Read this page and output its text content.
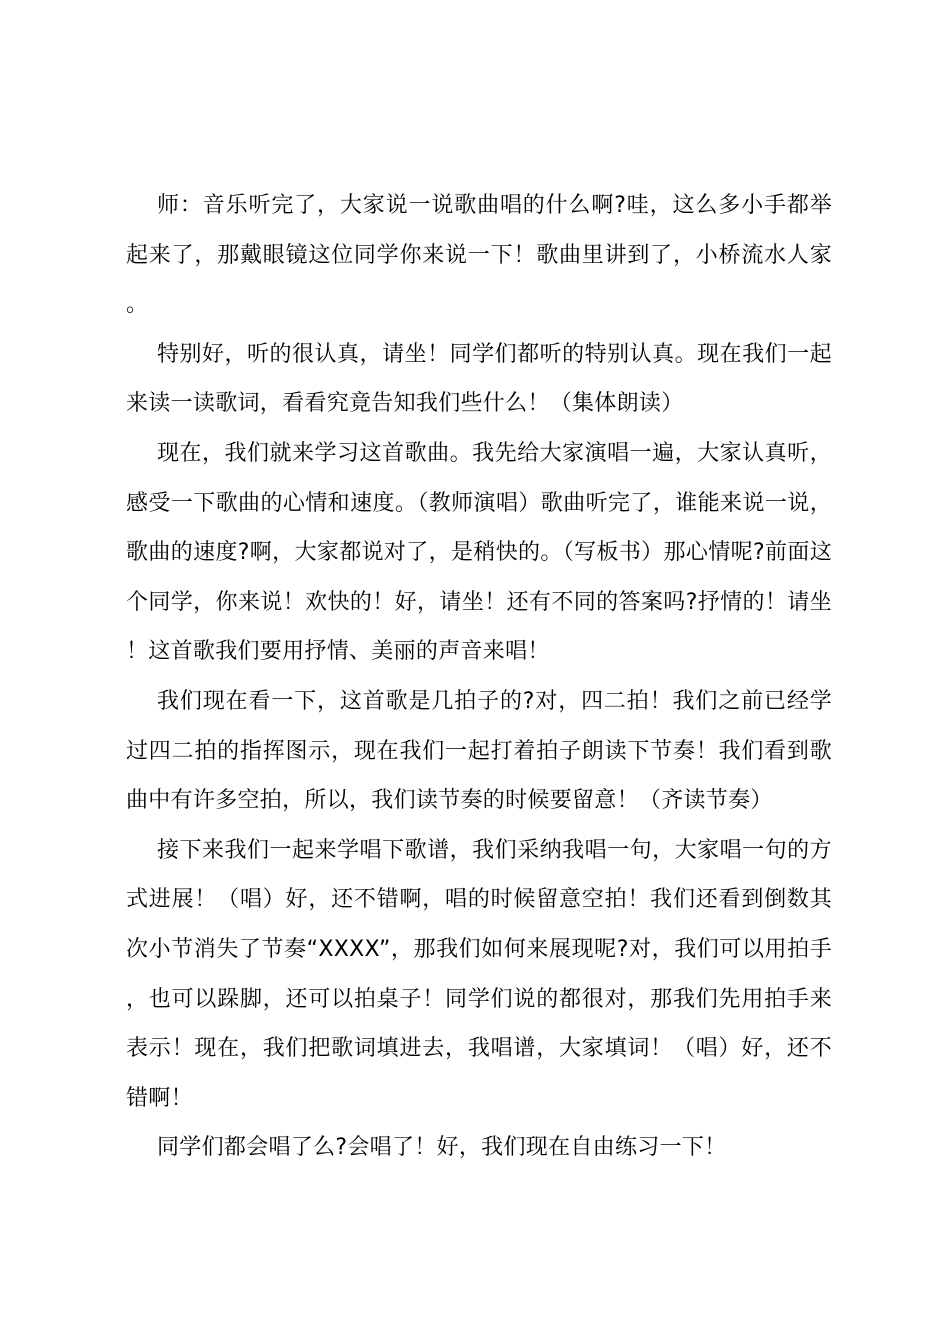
师：音乐听完了，大家说一说歌曲唱的什么啊?哇，这么多小手都举起来了，那戴眼镜这位同学你来说一下！歌曲里讲到了，小桥流水人家。

特别好，听的很认真，请坐！同学们都听的特别认真。现在我们一起来读一读歌词，看看究竟告知我们些什么！（集体朗读）

现在，我们就来学习这首歌曲。我先给大家演唱一遍，大家认真听，感受一下歌曲的心情和速度。（教师演唱）歌曲听完了，谁能来说一说，歌曲的速度?啊，大家都说对了，是稍快的。（写板书）那心情呢?前面这个同学，你来说！欢快的！好，请坐！还有不同的答案吗?抒情的！请坐！这首歌我们要用抒情、美丽的声音来唱！

我们现在看一下，这首歌是几拍子的?对，四二拍！我们之前已经学过四二拍的指挥图示，现在我们一起打着拍子朗读下节奏！我们看到歌曲中有许多空拍，所以，我们读节奏的时候要留意！（齐读节奏）

接下来我们一起来学唱下歌谱，我们采纳我唱一句，大家唱一句的方式进展！（唱）好，还不错啊，唱的时候留意空拍！我们还看到倒数其次小节消失了节奏“XXXX”，那我们如何来展现呢?对，我们可以用拍手，也可以跺脚，还可以拍桌子！同学们说的都很对，那我们先用拍手来表示！现在，我们把歌词填进去，我唱谱，大家填词！（唱）好，还不错啊！

同学们都会唱了么?会唱了！好，我们现在自由练习一下！
